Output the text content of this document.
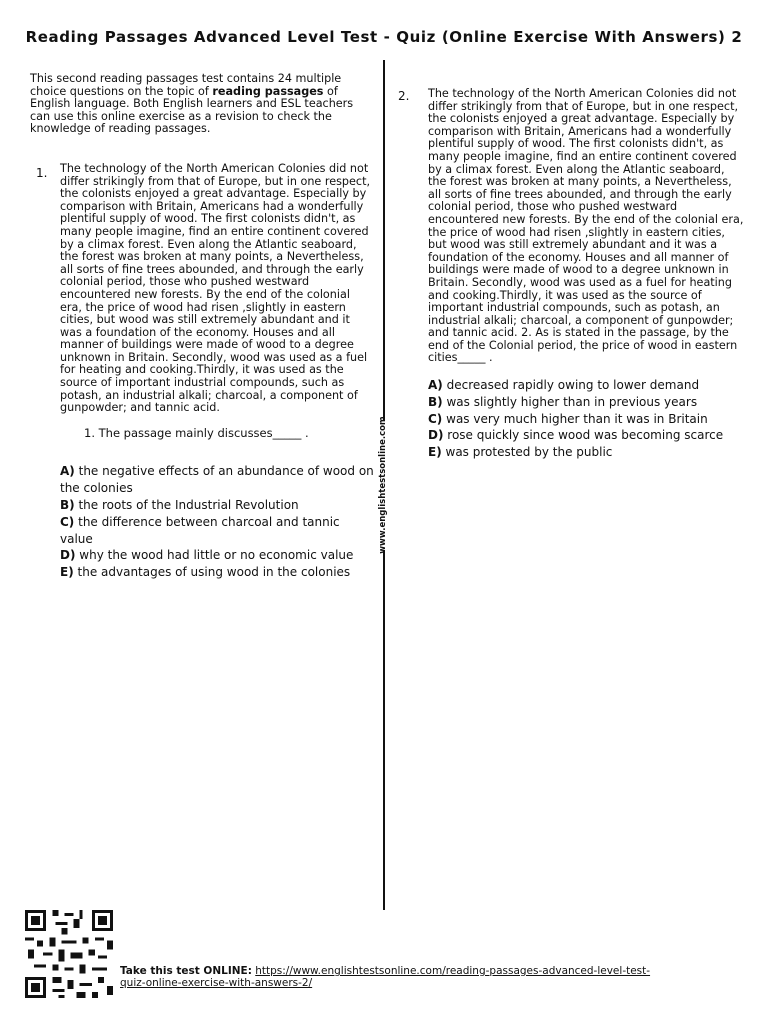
Reading Passages Advanced Level Test - Quiz (Online Exercise With Answers) 2
www.englishtestsonline.com

This second reading passages test contains 24 multiple choice questions on the topic of reading passages of English language. Both English learners and ESL teachers can use this online exercise as a revision to check the knowledge of reading passages.

1. The technology of the North American Colonies did not differ strikingly from that of Europe, but in one respect, the colonists enjoyed a great advantage. Especially by comparison with Britain, Americans had a wonderfully plentiful supply of wood. The first colonists didn't, as many people imagine, find an entire continent covered by a climax forest. Even along the Atlantic seaboard, the forest was broken at many points, a Nevertheless, all sorts of fine trees abounded, and through the early colonial period, those who pushed westward encountered new forests. By the end of the colonial era, the price of wood had risen ,slightly in eastern cities, but wood was still extremely abundant and it was a foundation of the economy. Houses and all manner of buildings were made of wood to a degree unknown in Britain. Secondly, wood was used as a fuel for heating and cooking.Thirdly, it was used as the source of important industrial compounds, such as potash, an industrial alkali; charcoal, a component of gunpowder; and tannic acid.

1. The passage mainly discusses_____ .
A) the negative effects of an abundance of wood on the colonies
B) the roots of the Industrial Revolution
C) the difference between charcoal and tannic value
D) why the wood had little or no economic value
E) the advantages of using wood in the colonies
2. The technology of the North American Colonies did not differ strikingly from that of Europe, but in one respect, the colonists enjoyed a great advantage. Especially by comparison with Britain, Americans had a wonderfully plentiful supply of wood. The first colonists didn't, as many people imagine, find an entire continent covered by a climax forest. Even along the Atlantic seaboard, the forest was broken at many points, a Nevertheless, all sorts of fine trees abounded, and through the early colonial period, those who pushed westward encountered new forests. By the end of the colonial era, the price of wood had risen ,slightly in eastern cities, but wood was still extremely abundant and it was a foundation of the economy. Houses and all manner of buildings were made of wood to a degree unknown in Britain. Secondly, wood was used as a fuel for heating and cooking.Thirdly, it was used as the source of important industrial compounds, such as potash, an industrial alkali; charcoal, a component of gunpowder; and tannic acid. 2. As is stated in the passage, by the end of the Colonial period, the price of wood in eastern cities_____ .

A) decreased rapidly owing to lower demand
B) was slightly higher than in previous years
C) was very much higher than it was in Britain
D) rose quickly since wood was becoming scarce
E) was protested by the public
Take this test ONLINE: https://www.englishtestsonline.com/reading-passages-advanced-level-test-
quiz-online-exercise-with-answers-2/
